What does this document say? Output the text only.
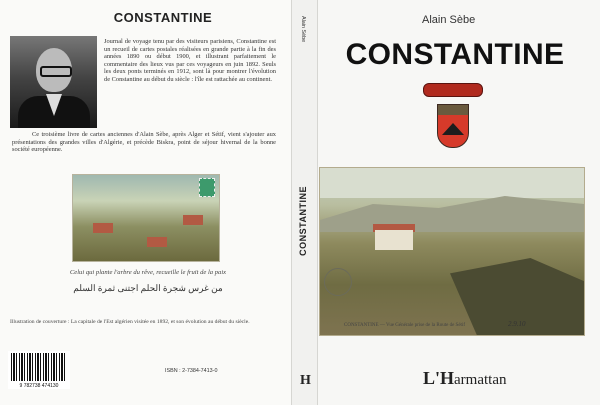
CONSTANTINE
Journal de voyage tenu par des visiteurs parisiens, Constantine est un recueil de cartes postales réalisées en grande partie à la fin des années 1890 ou début 1900, et illustrant parfaitement le commentaire des lieux vus par ces voyageurs en juin 1892. Seuls les deux ponts terminés en 1912, sont là pour montrer l'évolution de Constantine au début du siècle : l'île est rattachée au continent.
Ce troisième livre de cartes anciennes d'Alain Sèbe, après Alger et Sétif, vient s'ajouter aux présentations des grandes villes d'Algérie, et précède Biskra, point de séjour hivernal de la bonne société européenne.
Celui qui plante l'arbre du rêve, recueille le fruit de la paix
من غرس شجرة الحلم اجتنى ثمرة السلم
Illustration de couverture : La capitale de l'Est algérien visitée en 1892, et son évolution au début du siècle.
9 782738 474130
ISBN : 2-7384-7413-0
Alain Sèbe
CONSTANTINE
H
Alain Sèbe
CONSTANTINE
CONSTANTINE — Vue Générale prise de la Route de Sétif	2.9.10
L'Harmattan
